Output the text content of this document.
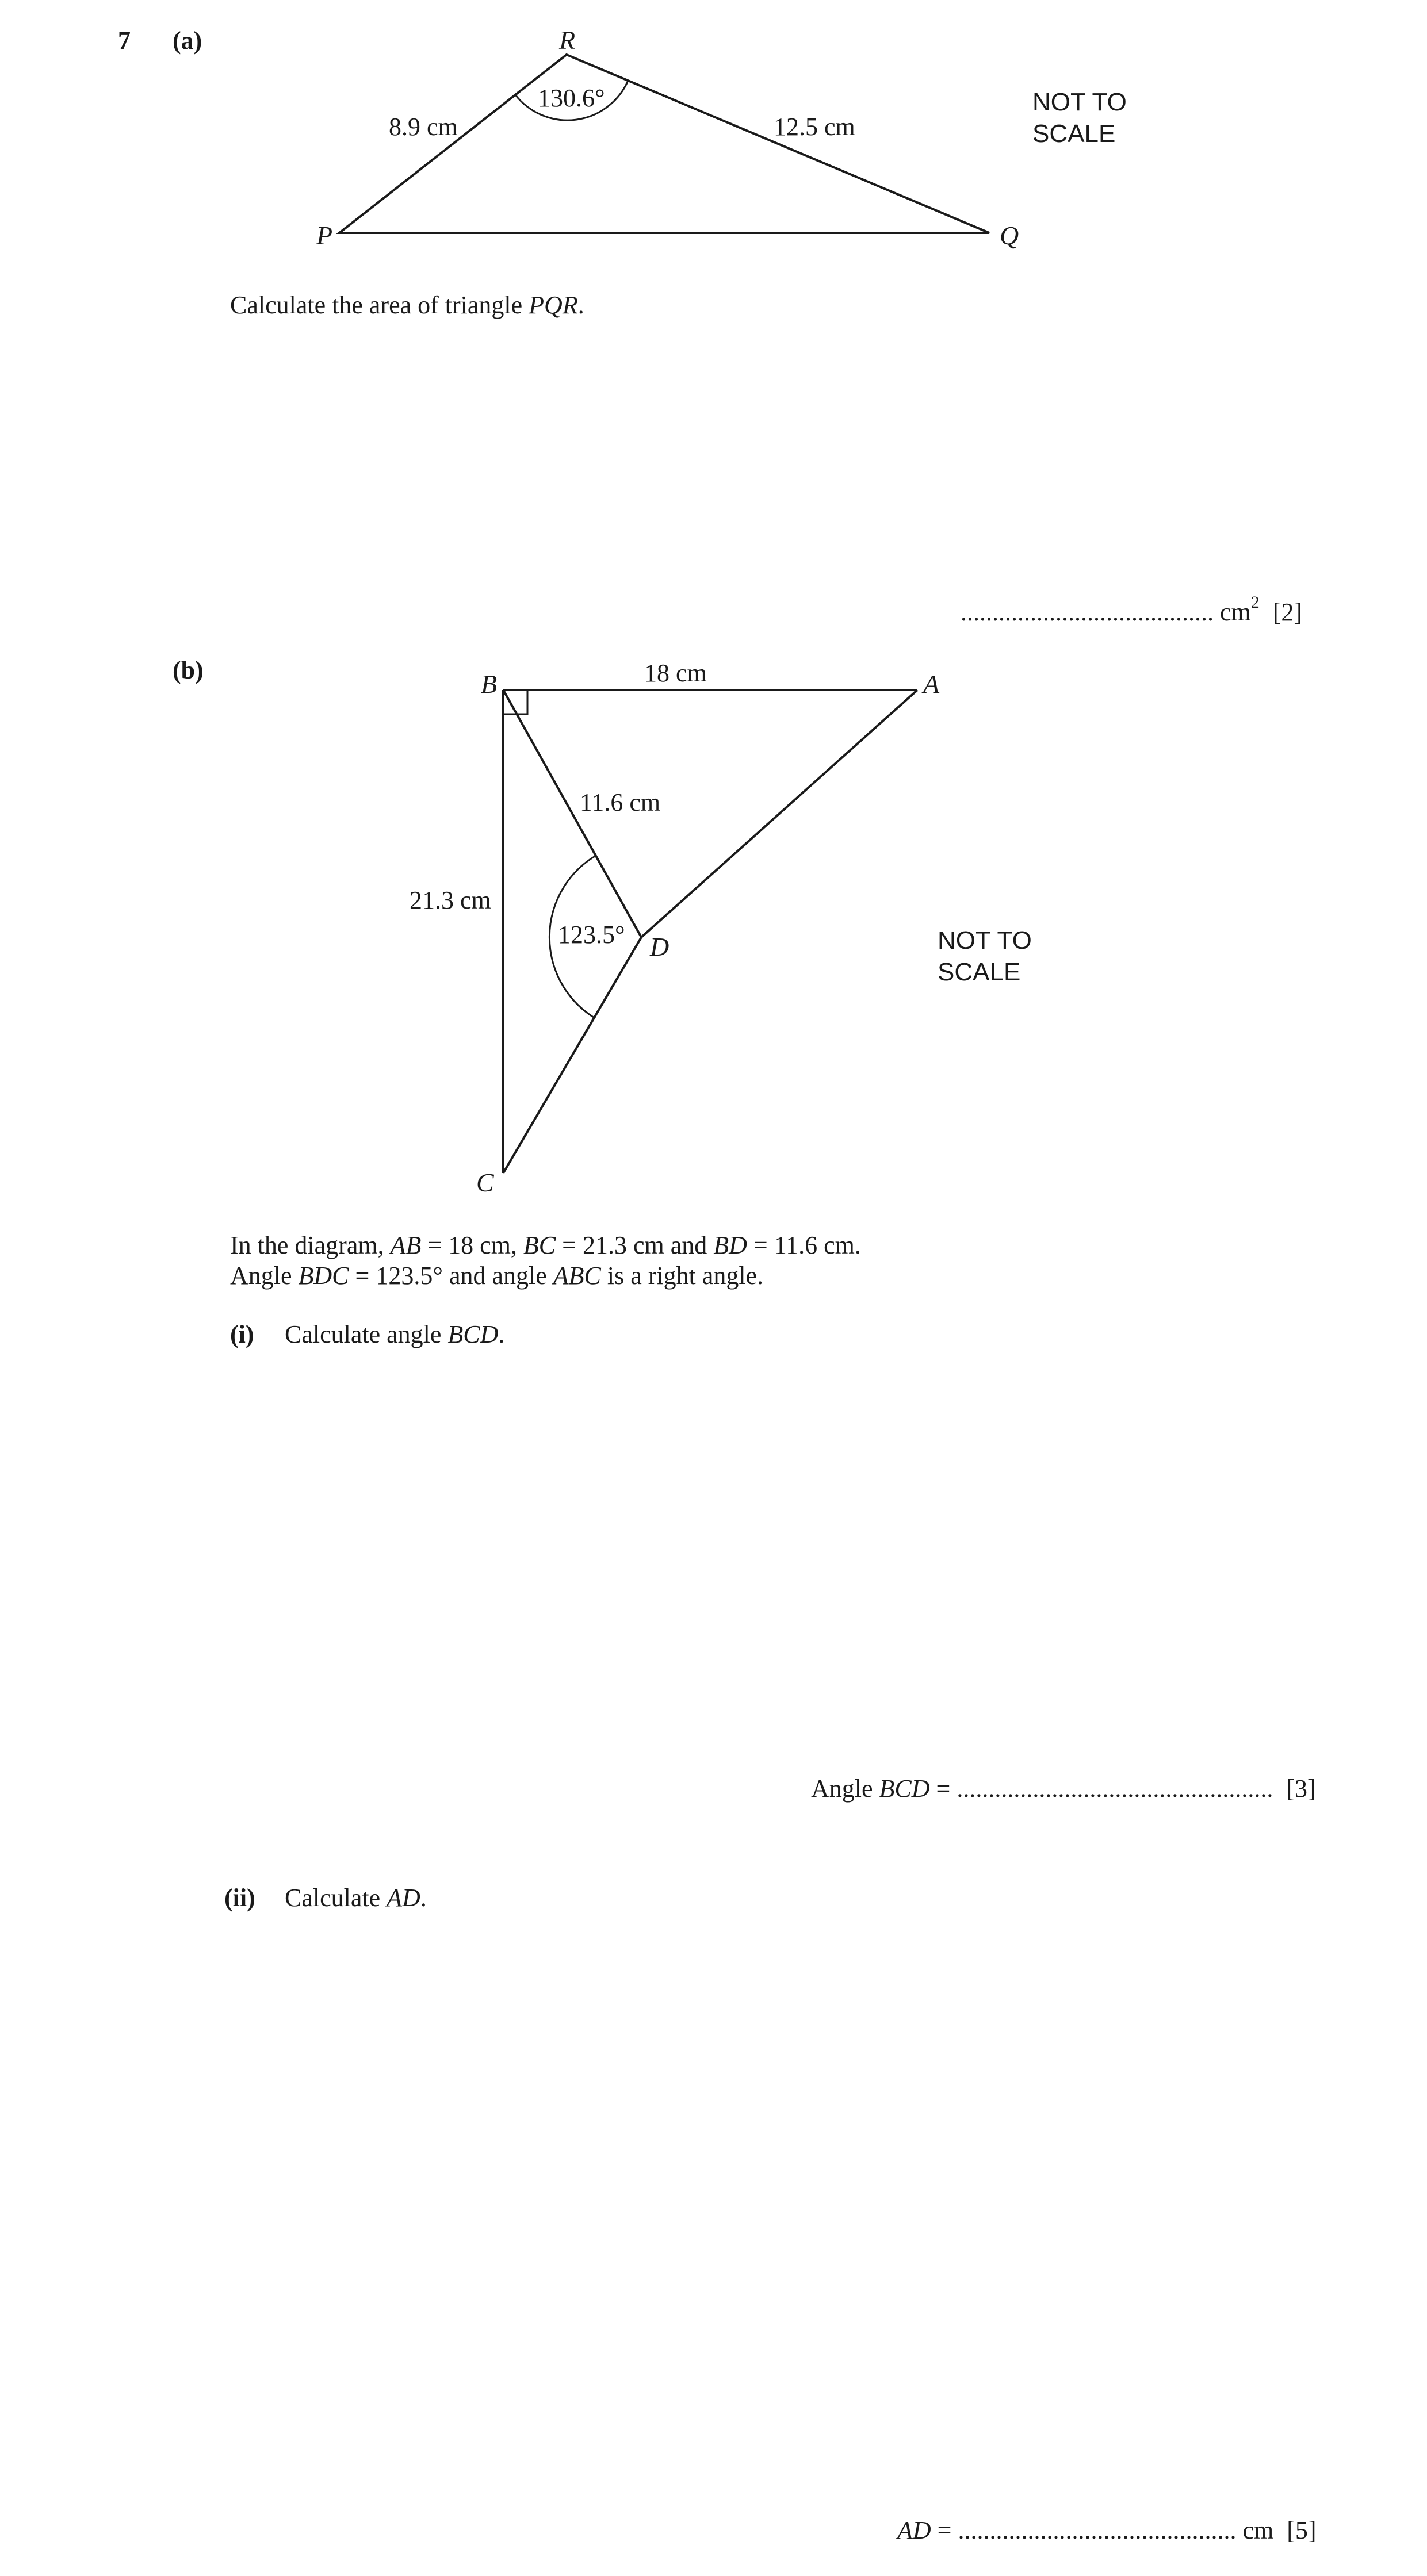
7 (a)	R
P	Q
8.9 cm	12.5 cm
130.6°	NOT TO
SCALE
Calculate the area of triangle PQR.
........................................ $cm^2$ [2]
(b)	B	A
D
C
18 cm
11.6 cm
21.3 cm
123.5°	NOT TO
SCALE
In the diagram, AB = 18 cm, BC = 21.3 cm and BD = 11.6 cm.
Angle BDC = 123.5° and angle ABC is a right angle.
(i) Calculate angle BCD.
Angle BCD = .................................................. [3]
(ii) Calculate AD.
AD = ............................................ cm [5]
